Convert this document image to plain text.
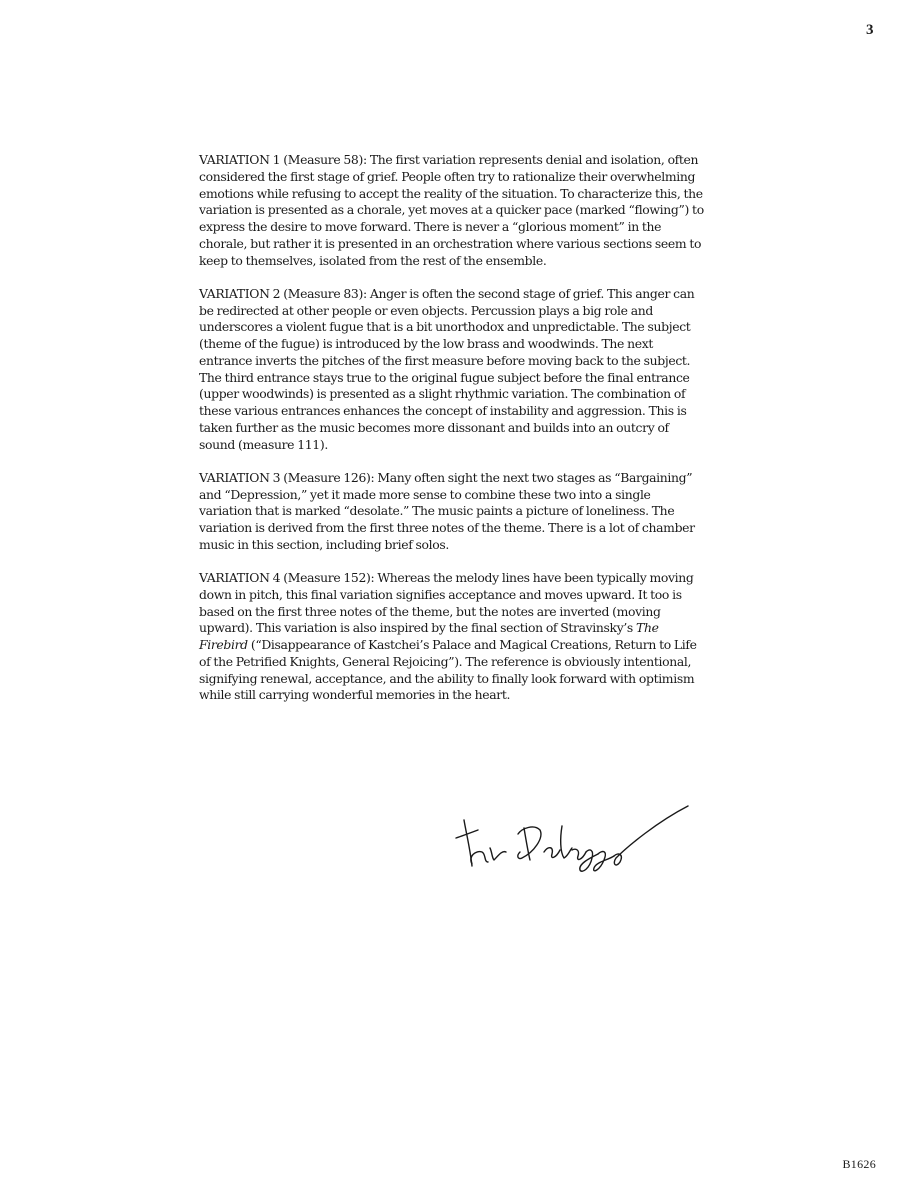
3

VARIATION 1 (Measure 58): The first variation represents denial and isolation, often considered the first stage of grief. People often try to rationalize their overwhelming emotions while refusing to accept the reality of the situation. To characterize this, the variation is presented as a chorale, yet moves at a quicker pace (marked “flowing”) to express the desire to move forward. There is never a “glorious moment” in the chorale, but rather it is presented in an orchestration where various sections seem to keep to themselves, isolated from the rest of the ensemble.

VARIATION 2 (Measure 83): Anger is often the second stage of grief. This anger can be redirected at other people or even objects. Percussion plays a big role and underscores a violent fugue that is a bit unorthodox and unpredictable. The subject (theme of the fugue) is introduced by the low brass and woodwinds. The next entrance inverts the pitches of the first measure before moving back to the subject. The third entrance stays true to the original fugue subject before the final entrance (upper woodwinds) is presented as a slight rhythmic variation. The combination of these various entrances enhances the concept of instability and aggression. This is taken further as the music becomes more dissonant and builds into an outcry of sound (measure 111).

VARIATION 3 (Measure 126): Many often sight the next two stages as “Bargaining” and “Depression,” yet it made more sense to combine these two into a single variation that is marked “desolate.” The music paints a picture of loneliness. The variation is derived from the first three notes of the theme. There is a lot of chamber music in this section, including brief solos.

VARIATION 4 (Measure 152): Whereas the melody lines have been typically moving down in pitch, this final variation signifies acceptance and moves upward. It too is based on the first three notes of the theme, but the notes are inverted (moving upward). This variation is also inspired by the final section of Stravinsky’s The Firebird (“Disappearance of Kastchei’s Palace and Magical Creations, Return to Life of the Petrified Knights, General Rejoicing”). The reference is obviously intentional, signifying renewal, acceptance, and the ability to finally look forward with optimism while still carrying wonderful memories in the heart.

B1626
